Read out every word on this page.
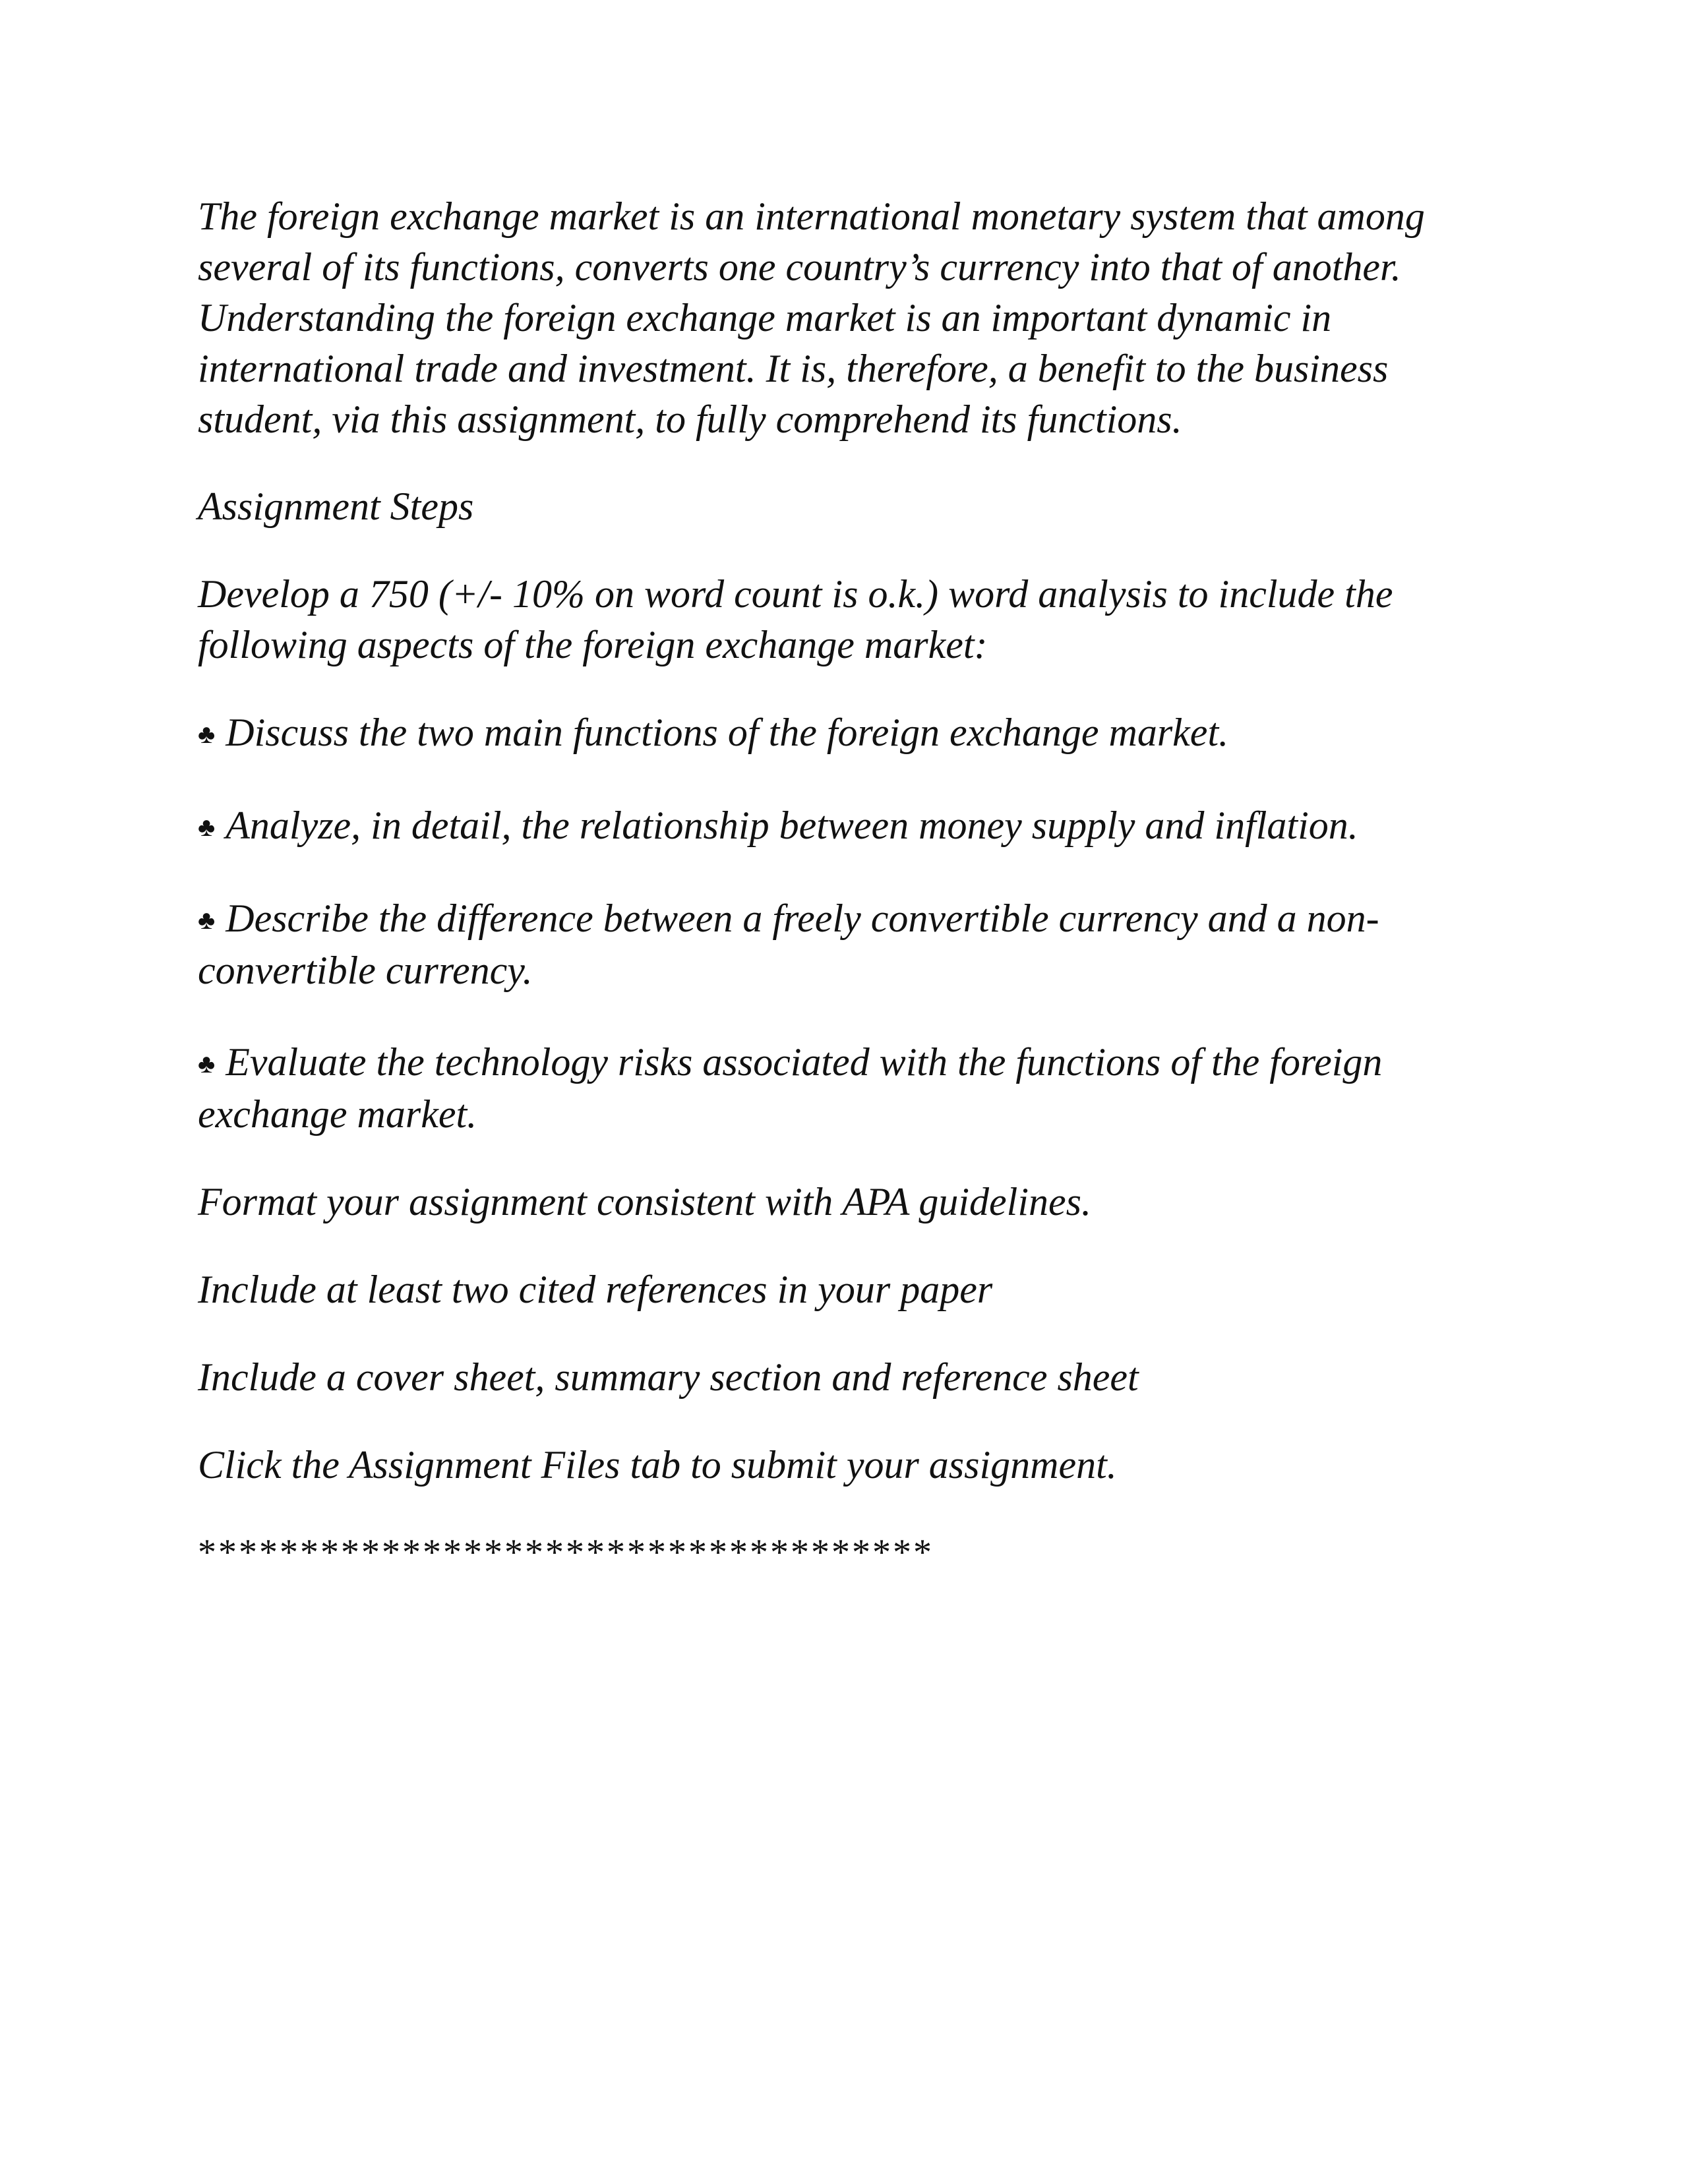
The foreign exchange market is an international monetary system that among several of its functions, converts one country’s currency into that of another. Understanding the foreign exchange market is an important dynamic in international trade and investment. It is, therefore, a benefit to the business student, via this assignment, to fully comprehend its functions.

Assignment Steps

Develop a 750 (+/- 10% on word count is o.k.) word analysis to include the following aspects of the foreign exchange market:

♣ Discuss the two main functions of the foreign exchange market.

♣ Analyze, in detail, the relationship between money supply and inflation.

♣ Describe the difference between a freely convertible currency and a non-convertible currency.

♣ Evaluate the technology risks associated with the functions of the foreign exchange market.

Format your assignment consistent with APA guidelines.

Include at least two cited references in your paper

Include a cover sheet, summary section and reference sheet

Click the Assignment Files tab to submit your assignment.

************************************
